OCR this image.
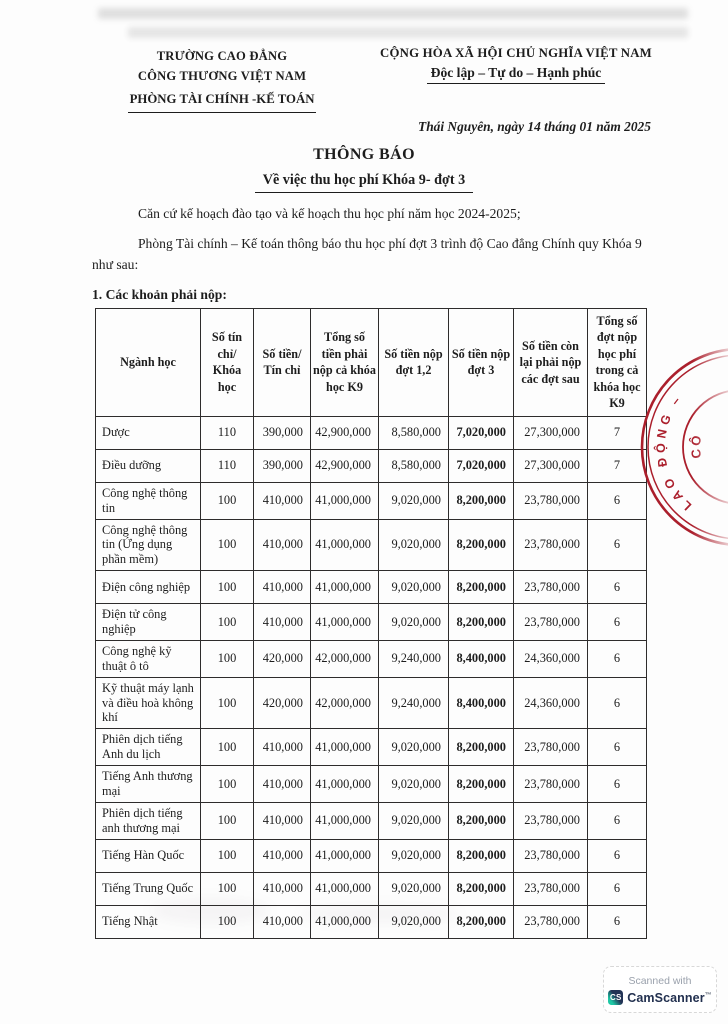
TRƯỜNG CAO ĐẲNG
CÔNG THƯƠNG VIỆT NAM
PHÒNG TÀI CHÍNH -KẾ TOÁN
CỘNG HÒA XÃ HỘI CHỦ NGHĨA VIỆT NAM
Độc lập – Tự do – Hạnh phúc
Thái Nguyên, ngày 14 tháng 01 năm 2025
THÔNG BÁO
Về việc thu học phí Khóa 9- đợt 3

Căn cứ kế hoạch đào tạo và kế hoạch thu học phí năm học 2024-2025;

Phòng Tài chính – Kế toán thông báo thu học phí đợt 3 trình độ Cao đẳng Chính quy Khóa 9 như sau:

1. Các khoản phải nộp:
Ngành học	Số tín chỉ/ Khóa học	Số tiền/ Tín chỉ	Tổng số tiền phải nộp cả khóa học K9	Số tiền nộp đợt 1,2	Số tiền nộp đợt 3	Số tiền còn lại phải nộp các đợt sau	Tổng số đợt nộp học phí trong cả khóa học K9
Dược	110	390,000	42,900,000	8,580,000	7,020,000	27,300,000	7
Điều dưỡng	110	390,000	42,900,000	8,580,000	7,020,000	27,300,000	7
Công nghệ thông tin	100	410,000	41,000,000	9,020,000	8,200,000	23,780,000	6
Công nghệ thông tin (Ứng dụng phần mềm)	100	410,000	41,000,000	9,020,000	8,200,000	23,780,000	6
Điện công nghiệp	100	410,000	41,000,000	9,020,000	8,200,000	23,780,000	6
Điện tử công nghiệp	100	410,000	41,000,000	9,020,000	8,200,000	23,780,000	6
Công nghệ kỹ thuật ô tô	100	420,000	42,000,000	9,240,000	8,400,000	24,360,000	6
Kỹ thuật máy lạnh và điều hoà không khí	100	420,000	42,000,000	9,240,000	8,400,000	24,360,000	6
Phiên dịch tiếng Anh du lịch	100	410,000	41,000,000	9,020,000	8,200,000	23,780,000	6
Tiếng Anh thương mại	100	410,000	41,000,000	9,020,000	8,200,000	23,780,000	6
Phiên dịch tiếng anh thương mại	100	410,000	41,000,000	9,020,000	8,200,000	23,780,000	6
Tiếng Hàn Quốc	100	410,000	41,000,000	9,020,000	8,200,000	23,780,000	6
Tiếng Trung Quốc	100	410,000	41,000,000	9,020,000	8,200,000	23,780,000	6
Tiếng Nhật	100	410,000	41,000,000	9,020,000	8,200,000	23,780,000	6
LAO ĐỘNG –
CÔ
Scanned with
CS CamScanner™
